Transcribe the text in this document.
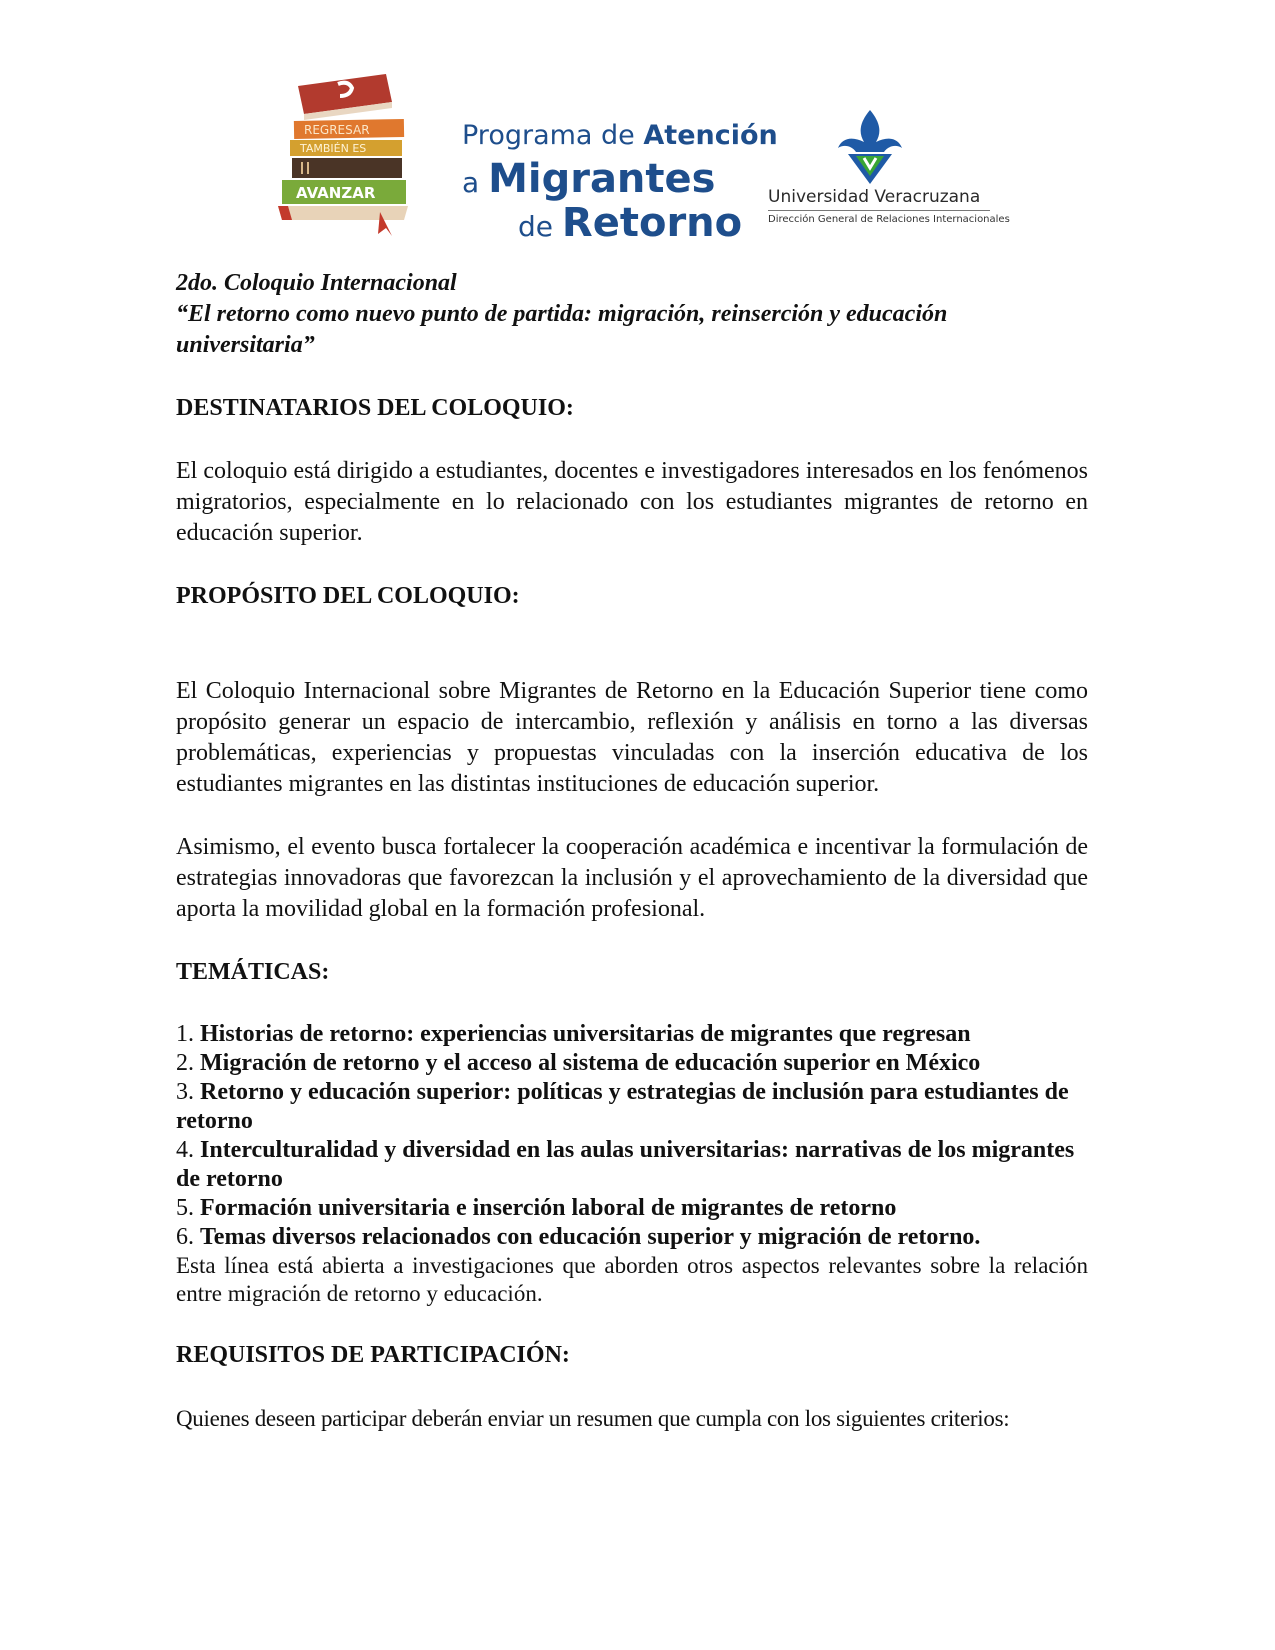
REGRESAR
TAMBIÉN ES
AVANZAR
Programa de Atención
a Migrantes
de Retorno
Universidad Veracruzana
Dirección General de Relaciones Internacionales
2do. Coloquio Internacional
“El retorno como nuevo punto de partida: migración, reinserción y educación universitaria”
DESTINATARIOS DEL COLOQUIO:

El coloquio está dirigido a estudiantes, docentes e investigadores interesados en los fenómenos migratorios, especialmente en lo relacionado con los estudiantes migrantes de retorno en educación superior.

PROPÓSITO DEL COLOQUIO:

El Coloquio Internacional sobre Migrantes de Retorno en la Educación Superior tiene como propósito generar un espacio de intercambio, reflexión y análisis en torno a las diversas problemáticas, experiencias y propuestas vinculadas con la inserción educativa de los estudiantes migrantes en las distintas instituciones de educación superior.

Asimismo, el evento busca fortalecer la cooperación académica e incentivar la formulación de estrategias innovadoras que favorezcan la inclusión y el aprovechamiento de la diversidad que aporta la movilidad global en la formación profesional.

TEMÁTICAS:
1. Historias de retorno: experiencias universitarias de migrantes que regresan
2. Migración de retorno y el acceso al sistema de educación superior en México
3. Retorno y educación superior: políticas y estrategias de inclusión para estudiantes de retorno
4. Interculturalidad y diversidad en las aulas universitarias: narrativas de los migrantes de retorno
5. Formación universitaria e inserción laboral de migrantes de retorno
6. Temas diversos relacionados con educación superior y migración de retorno.

Esta línea está abierta a investigaciones que aborden otros aspectos relevantes sobre la relación entre migración de retorno y educación.

REQUISITOS DE PARTICIPACIÓN:

Quienes deseen participar deberán enviar un resumen que cumpla con los siguientes criterios:
